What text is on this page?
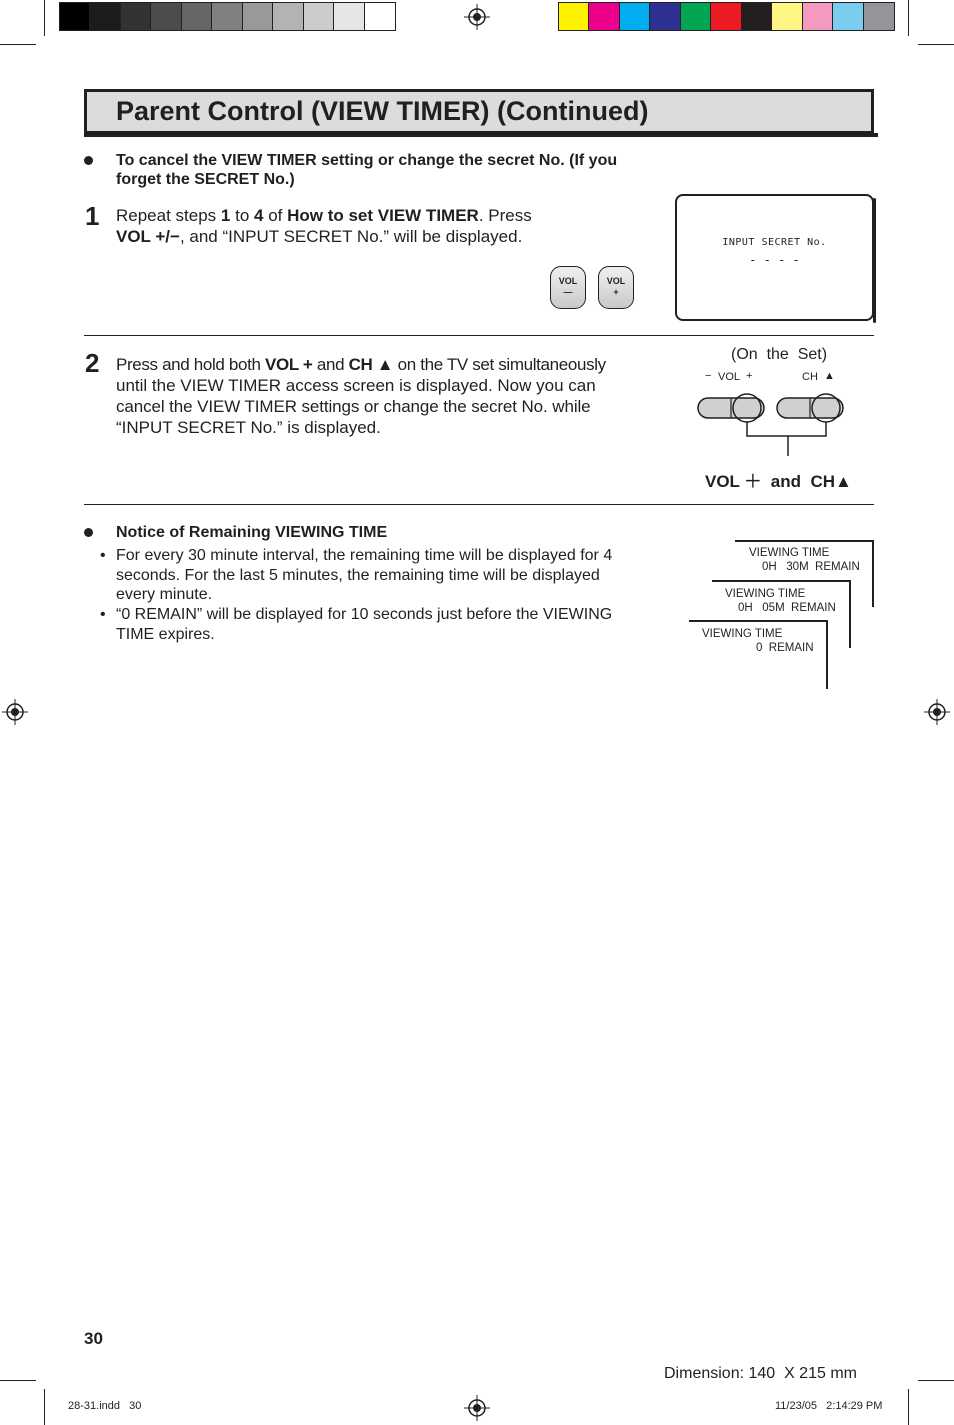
Parent Control (VIEW TIMER) (Continued)
To cancel the VIEW TIMER setting or change the secret No. (If you
forget the SECRET No.)
1 Repeat steps 1 to 4 of How to set VIEW TIMER. Press
VOL +/−, and “INPUT SECRET No.” will be displayed.
VOL
—
VOL
+
INPUT SECRET No.
- - - -
2 Press and hold both VOL + and CH ▲ on the TV set simultaneously
until the VIEW TIMER access screen is displayed. Now you can
cancel the VIEW TIMER settings or change the secret No. while
“INPUT SECRET No.” is displayed.
(On  the  Set)
− VOL +	CH ▲
VOL ＋  and  CH▲
Notice of Remaining VIEWING TIME
• For every 30 minute interval, the remaining time will be displayed for 4
seconds. For the last 5 minutes, the remaining time will be displayed
every minute.
• “0 REMAIN” will be displayed for 10 seconds just before the VIEWING
TIME expires.
VIEWING TIME
0H   30M  REMAIN
VIEWING TIME
0H   05M  REMAIN
VIEWING TIME
0  REMAIN
30
Dimension: 140  X 215 mm
28-31.indd   30	11/23/05   2:14:29 PM
